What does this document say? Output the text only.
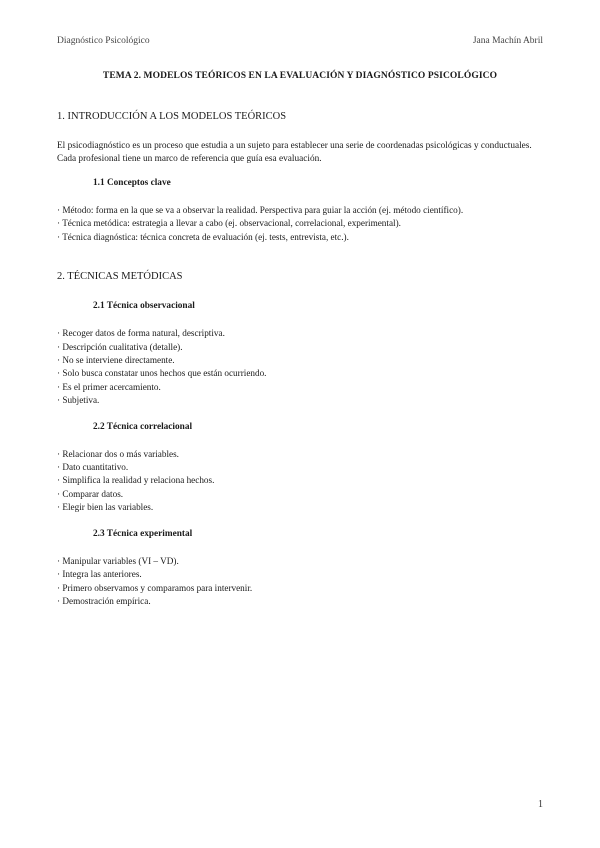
Diagnóstico Psicológico	Jana Machín Abril
TEMA 2. MODELOS TEÓRICOS EN LA EVALUACIÓN Y DIAGNÓSTICO PSICOLÓGICO
1. INTRODUCCIÓN A LOS MODELOS TEÓRICOS

El psicodiagnóstico es un proceso que estudia a un sujeto para establecer una serie de coordenadas psicológicas y conductuales. Cada profesional tiene un marco de referencia que guía esa evaluación.

1.1 Conceptos clave
· Método: forma en la que se va a observar la realidad. Perspectiva para guiar la acción (ej. método científico).
· Técnica metódica: estrategia a llevar a cabo (ej. observacional, correlacional, experimental).
· Técnica diagnóstica: técnica concreta de evaluación (ej. tests, entrevista, etc.).
2. TÉCNICAS METÓDICAS
2.1 Técnica observacional
· Recoger datos de forma natural, descriptiva.
· Descripción cualitativa (detalle).
· No se interviene directamente.
· Solo busca constatar unos hechos que están ocurriendo.
· Es el primer acercamiento.
· Subjetiva.
2.2 Técnica correlacional
· Relacionar dos o más variables.
· Dato cuantitativo.
· Simplifica la realidad y relaciona hechos.
· Comparar datos.
· Elegir bien las variables.
2.3 Técnica experimental
· Manipular variables (VI – VD).
· Integra las anteriores.
· Primero observamos y comparamos para intervenir.
· Demostración empírica.
1
